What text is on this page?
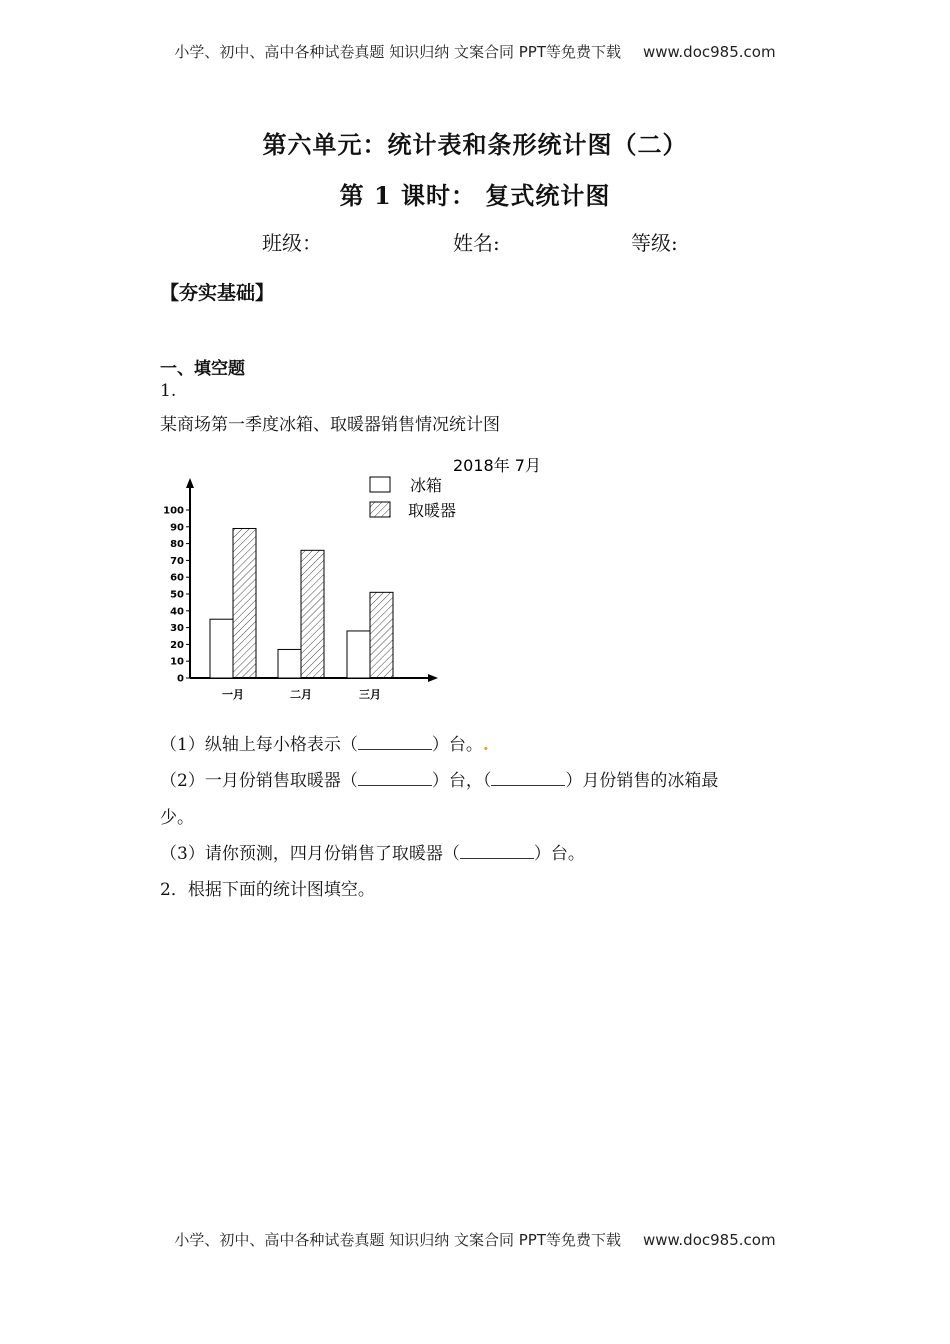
小学、初中、高中各种试卷真题 知识归纳 文案合同 PPT等免费下载 www.doc985.com
第六单元：统计表和条形统计图（二）
第 1 课时： 复式统计图
班级：	姓名:	等级:
【夯实基础】
一、填空题
1.
某商场第一季度冰箱、取暖器销售情况统计图
0
10
20
30
40
50
60
70
80
90
100
一月	二月	三月
冰箱
取暖器
2018年 7月
（1）纵轴上每小格表示（	）台。.
（2）一月份销售取暖器（	）台，（	）月份销售的冰箱最
少。
（3）请你预测，四月份销售了取暖器（	）台。
2．根据下面的统计图填空。
小学、初中、高中各种试卷真题 知识归纳 文案合同 PPT等免费下载 www.doc985.com
